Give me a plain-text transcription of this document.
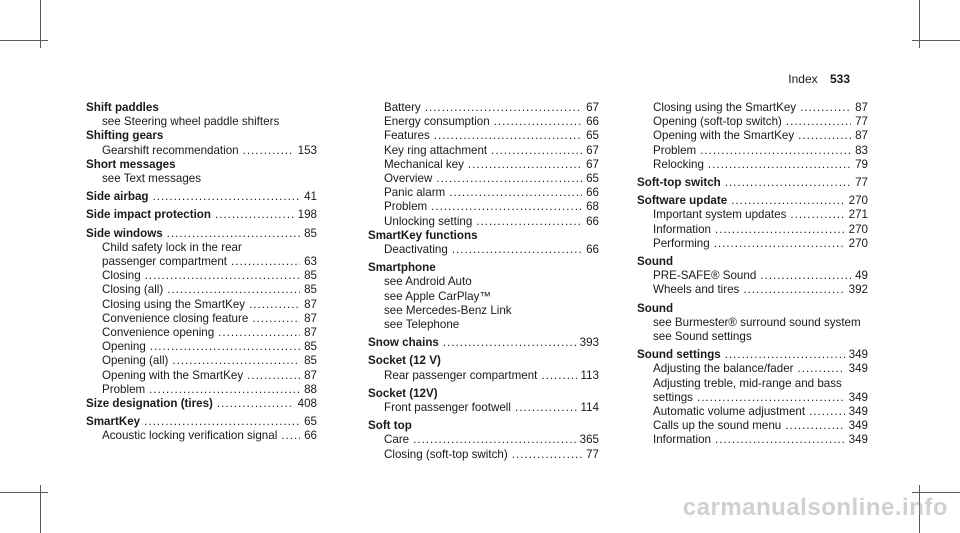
Index 533
Shift paddles
see Steering wheel paddle shifters
Shifting gears
Gearshift recommendation .....	153
Short messages
see Text messages
Side airbag .....	41
Side impact protection .....	198
Side windows .....	85
Child safety lock in the rear
passenger compartment .....	63
Closing .....	85
Closing (all) .....	85
Closing using the SmartKey .....	87
Convenience closing feature .....	87
Convenience opening .....	87
Opening .....	85
Opening (all) .....	85
Opening with the SmartKey .....	87
Problem .....	88
Size designation (tires) .....	408
SmartKey .....	65
Acoustic locking verification signal ..... 66
Battery .....	67
Energy consumption .....	66
Features .....	65
Key ring attachment .....	67
Mechanical key .....	67
Overview .....	65
Panic alarm .....	66
Problem .....	68
Unlocking setting .....	66
SmartKey functions
Deactivating .....	66
Smartphone
see Android Auto
see Apple CarPlay™
see Mercedes-Benz Link
see Telephone
Snow chains .....	393
Socket (12 V)
Rear passenger compartment .....	113
Socket (12V)
Front passenger footwell .....	114
Soft top
Care .....	365
Closing (soft-top switch) .....	77
Closing using the SmartKey .....	87
Opening (soft-top switch) .....	77
Opening with the SmartKey .....	87
Problem .....	83
Relocking .....	79
Soft-top switch .....	77
Software update .....	270
Important system updates .....	271
Information .....	270
Performing .....	270
Sound
PRE-SAFE® Sound .....	49
Wheels and tires .....	392
Sound
see Burmester® surround sound system
see Sound settings
Sound settings .....	349
Adjusting the balance/fader .....	349
Adjusting treble, mid-range and bass
settings .....	349
Automatic volume adjustment .....	349
Calls up the sound menu .....	349
Information .....	349
carmanualsonline.info
